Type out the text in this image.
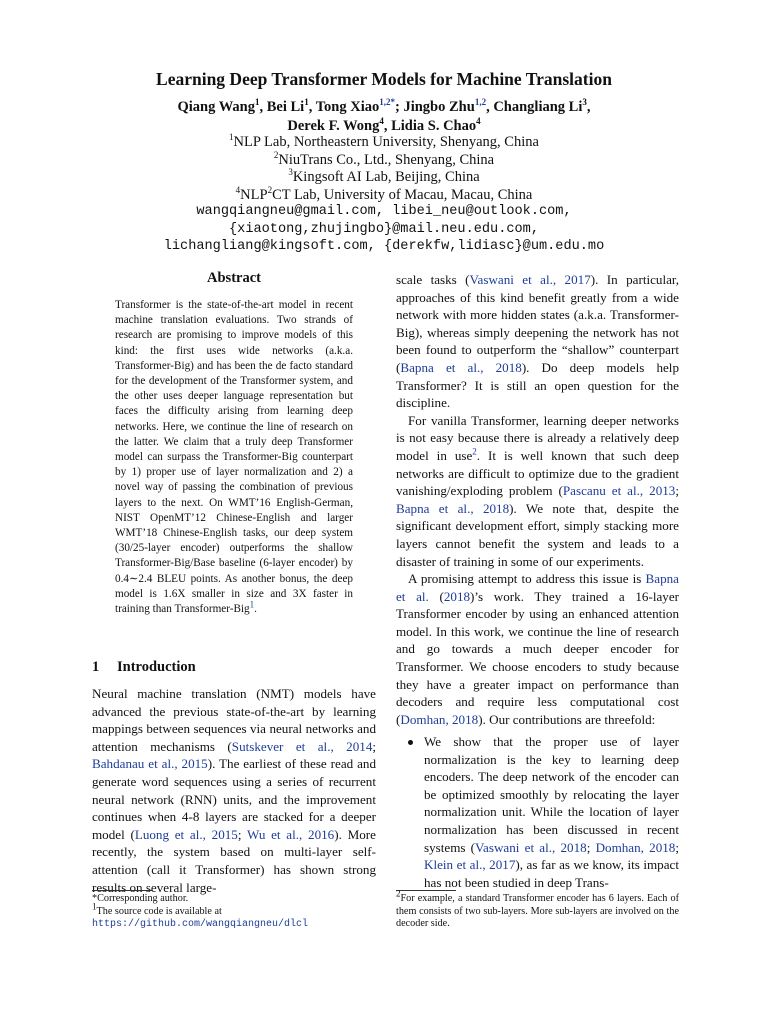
Learning Deep Transformer Models for Machine Translation
Qiang Wang$^1$, Bei Li$^1$, Tong Xiao$^{1,2*}$; Jingbo Zhu$^{1,2}$, Changliang Li$^3$,
Derek F. Wong$^4$, Lidia S. Chao$^4$
$^1$NLP Lab, Northeastern University, Shenyang, China
$^2$NiuTrans Co., Ltd., Shenyang, China
$^3$Kingsoft AI Lab, Beijing, China
$^4$NLP$^2$CT Lab, University of Macau, Macau, China
wangqiangneu@gmail.com, libei_neu@outlook.com,
{xiaotong,zhujingbo}@mail.neu.edu.com,
lichangliang@kingsoft.com, {derekfw,lidiasc}@um.edu.mo
Abstract
Transformer is the state-of-the-art model in recent machine translation evaluations. Two strands of research are promising to improve models of this kind: the first uses wide networks (a.k.a. Transformer-Big) and has been the de facto standard for the development of the Transformer system, and the other uses deeper language representation but faces the difficulty arising from learning deep networks. Here, we continue the line of research on the latter. We claim that a truly deep Transformer model can surpass the Transformer-Big counterpart by 1) proper use of layer normalization and 2) a novel way of passing the combination of previous layers to the next. On WMT’16 English-German, NIST OpenMT’12 Chinese-English and larger WMT’18 Chinese-English tasks, our deep system (30/25-layer encoder) outperforms the shallow Transformer-Big/Base baseline (6-layer encoder) by 0.4∼2.4 BLEU points. As another bonus, the deep model is 1.6X smaller in size and 3X faster in training than Transformer-Big$^1$.
1 Introduction
Neural machine translation (NMT) models have advanced the previous state-of-the-art by learning mappings between sequences via neural networks and attention mechanisms (Sutskever et al., 2014; Bahdanau et al., 2015). The earliest of these read and generate word sequences using a series of recurrent neural network (RNN) units, and the improvement continues when 4-8 layers are stacked for a deeper model (Luong et al., 2015; Wu et al., 2016). More recently, the system based on multi-layer self-attention (call it Transformer) has shown strong results on several large-
*Corresponding author.
$^1$The source code is available at https://github.com/wangqiangneu/dlcl

scale tasks (Vaswani et al., 2017). In particular, approaches of this kind benefit greatly from a wide network with more hidden states (a.k.a. Transformer-Big), whereas simply deepening the network has not been found to outperform the “shallow” counterpart (Bapna et al., 2018). Do deep models help Transformer? It is still an open question for the discipline.

For vanilla Transformer, learning deeper networks is not easy because there is already a relatively deep model in use$^2$. It is well known that such deep networks are difficult to optimize due to the gradient vanishing/exploding problem (Pascanu et al., 2013; Bapna et al., 2018). We note that, despite the significant development effort, simply stacking more layers cannot benefit the system and leads to a disaster of training in some of our experiments.

A promising attempt to address this issue is Bapna et al. (2018)’s work. They trained a 16-layer Transformer encoder by using an enhanced attention model. In this work, we continue the line of research and go towards a much deeper encoder for Transformer. We choose encoders to study because they have a greater impact on performance than decoders and require less computational cost (Domhan, 2018). Our contributions are threefold:

We show that the proper use of layer normalization is the key to learning deep encoders. The deep network of the encoder can be optimized smoothly by relocating the layer normalization unit. While the location of layer normalization has been discussed in recent systems (Vaswani et al., 2018; Domhan, 2018; Klein et al., 2017), as far as we know, its impact has not been studied in deep Trans-
$^2$For example, a standard Transformer encoder has 6 layers. Each of them consists of two sub-layers. More sub-layers are involved on the decoder side.
